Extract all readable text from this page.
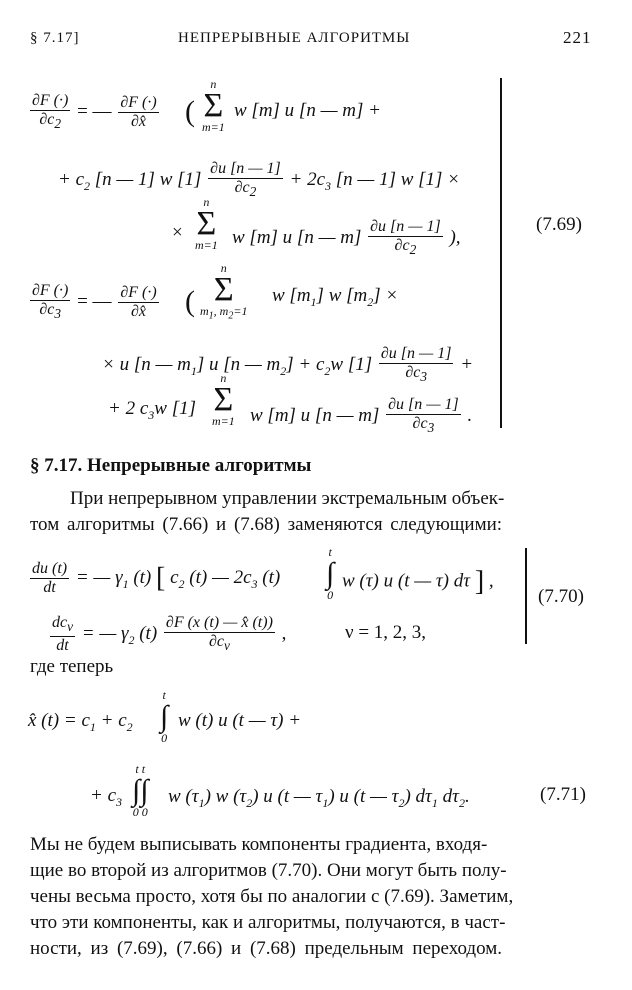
§ 7.17]	НЕПРЕРЫВНЫЕ АЛГОРИТМЫ	221
$\frac{\partial F (\cdot)}{\partial c_2}$ = — $\frac{\partial F (\cdot)}{\partial x̂}$ (
n
Σ
m=1
w [m] u [n — m] +
+ $c_2$ [n — 1] w $[1] \frac{\partial u [n — 1]}{\partial c_2} + 2c_3$ [n — 1] w [1] ×
×
n
Σ
m=1 w [m] u [n — $m] \frac{\partial u [n — 1]}{\partial c_2}$ ),
(7.69)
$\frac{\partial F (\cdot)}{\partial c_3}$ = — $\frac{\partial F (\cdot)}{\partial x̂}$ (
n
Σ
$m_1$, $m_2=1$
w $[m_1]$ w $[m_2]$ ×
× u [n — $m_1$] u [n — $m_2] + c_2w$ $[1] \frac{\partial u [n — 1]}{\partial c_3}$ +
+ 2 $c_3w$ [1]
n
Σ
m=1 w [m] u [n — $m] \frac{\partial u [n — 1]}{\partial c_3}$ .
§ 7.17. Непрерывные алгоритмы
При непрерывном управлении экстремальным объек-
том алгоритмы (7.66) и (7.68) заменяются следующими:
$\frac{du (t)}{dt}$ = — $\gamma_1$ (t) [ $c_2$ (t) — $2c_3$ (t)
t
∫
0
w (τ) u (t — τ) dτ ] ,
$\frac{dc_\nu}{dt}$ = — $\gamma_2$ $(t) \frac{\partial F (x (t) — x̂ (t))}{\partial c_\nu}$ ,	ν = 1, 2, 3,
(7.70)
где теперь
x̂ $(t) = c_1 + c_2$
t
∫
0
w (t) u (t — τ) +
+ $c_3$
t t
∫∫
0 0
w $(\tau_1)$ w $(\tau_2)$ u (t — $\tau_1$) u (t — $\tau_2$) $d\tau_1$ $d\tau_2$.	(7.71)
Мы не будем выписывать компоненты градиента, входя-
щие во второй из алгоритмов (7.70). Они могут быть полу-
чены весьма просто, хотя бы по аналогии с (7.69). Заметим,
что эти компоненты, как и алгоритмы, получаются, в част-
ности, из (7.69), (7.66) и (7.68) предельным переходом.
